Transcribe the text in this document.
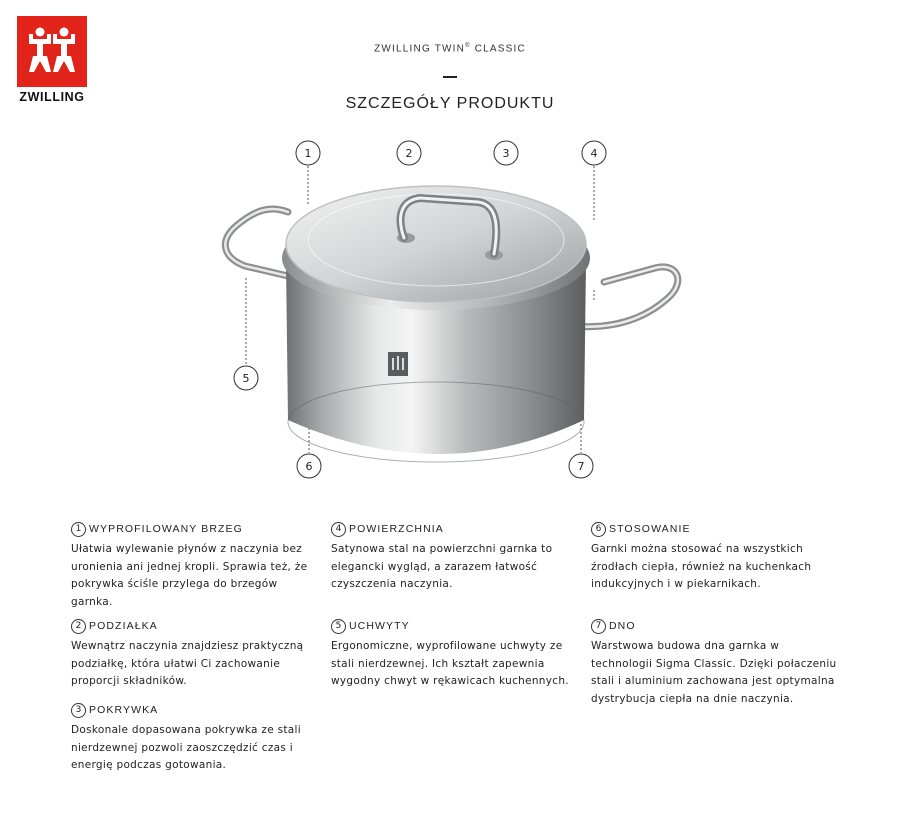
ZWILLING
ZWILLING TWIN® CLASSIC
SZCZEGÓŁY PRODUKTU
1	2	3	4
5
6	7
1 WYPROFILOWANY BRZEG
Ułatwia wylewanie płynów z naczynia bez uronienia ani jednej kropli. Sprawia też, że pokrywka ściśle przylega do brzegów garnka.
2 PODZIAŁKA
Wewnątrz naczynia znajdziesz praktyczną podziałkę, która ułatwi Ci zachowanie proporcji składników.
3 POKRYWKA
Doskonale dopasowana pokrywka ze stali nierdzewnej pozwoli zaoszczędzić czas i energię podczas gotowania.
4 POWIERZCHNIA
Satynowa stal na powierzchni garnka to elegancki wygląd, a zarazem łatwość czyszczenia naczynia.
5 UCHWYTY
Ergonomiczne, wyprofilowane uchwyty ze stali nierdzewnej. Ich kształt zapewnia wygodny chwyt w rękawicach kuchennych.
6 STOSOWANIE
Garnki można stosować na wszystkich źrodłach ciepła, również na kuchenkach indukcyjnych i w piekarnikach.
7 DNO
Warstwowa budowa dna garnka w technologii Sigma Classic. Dzięki połaczeniu stali i aluminium zachowana jest optymalna dystrybucja ciepła na dnie naczynia.
